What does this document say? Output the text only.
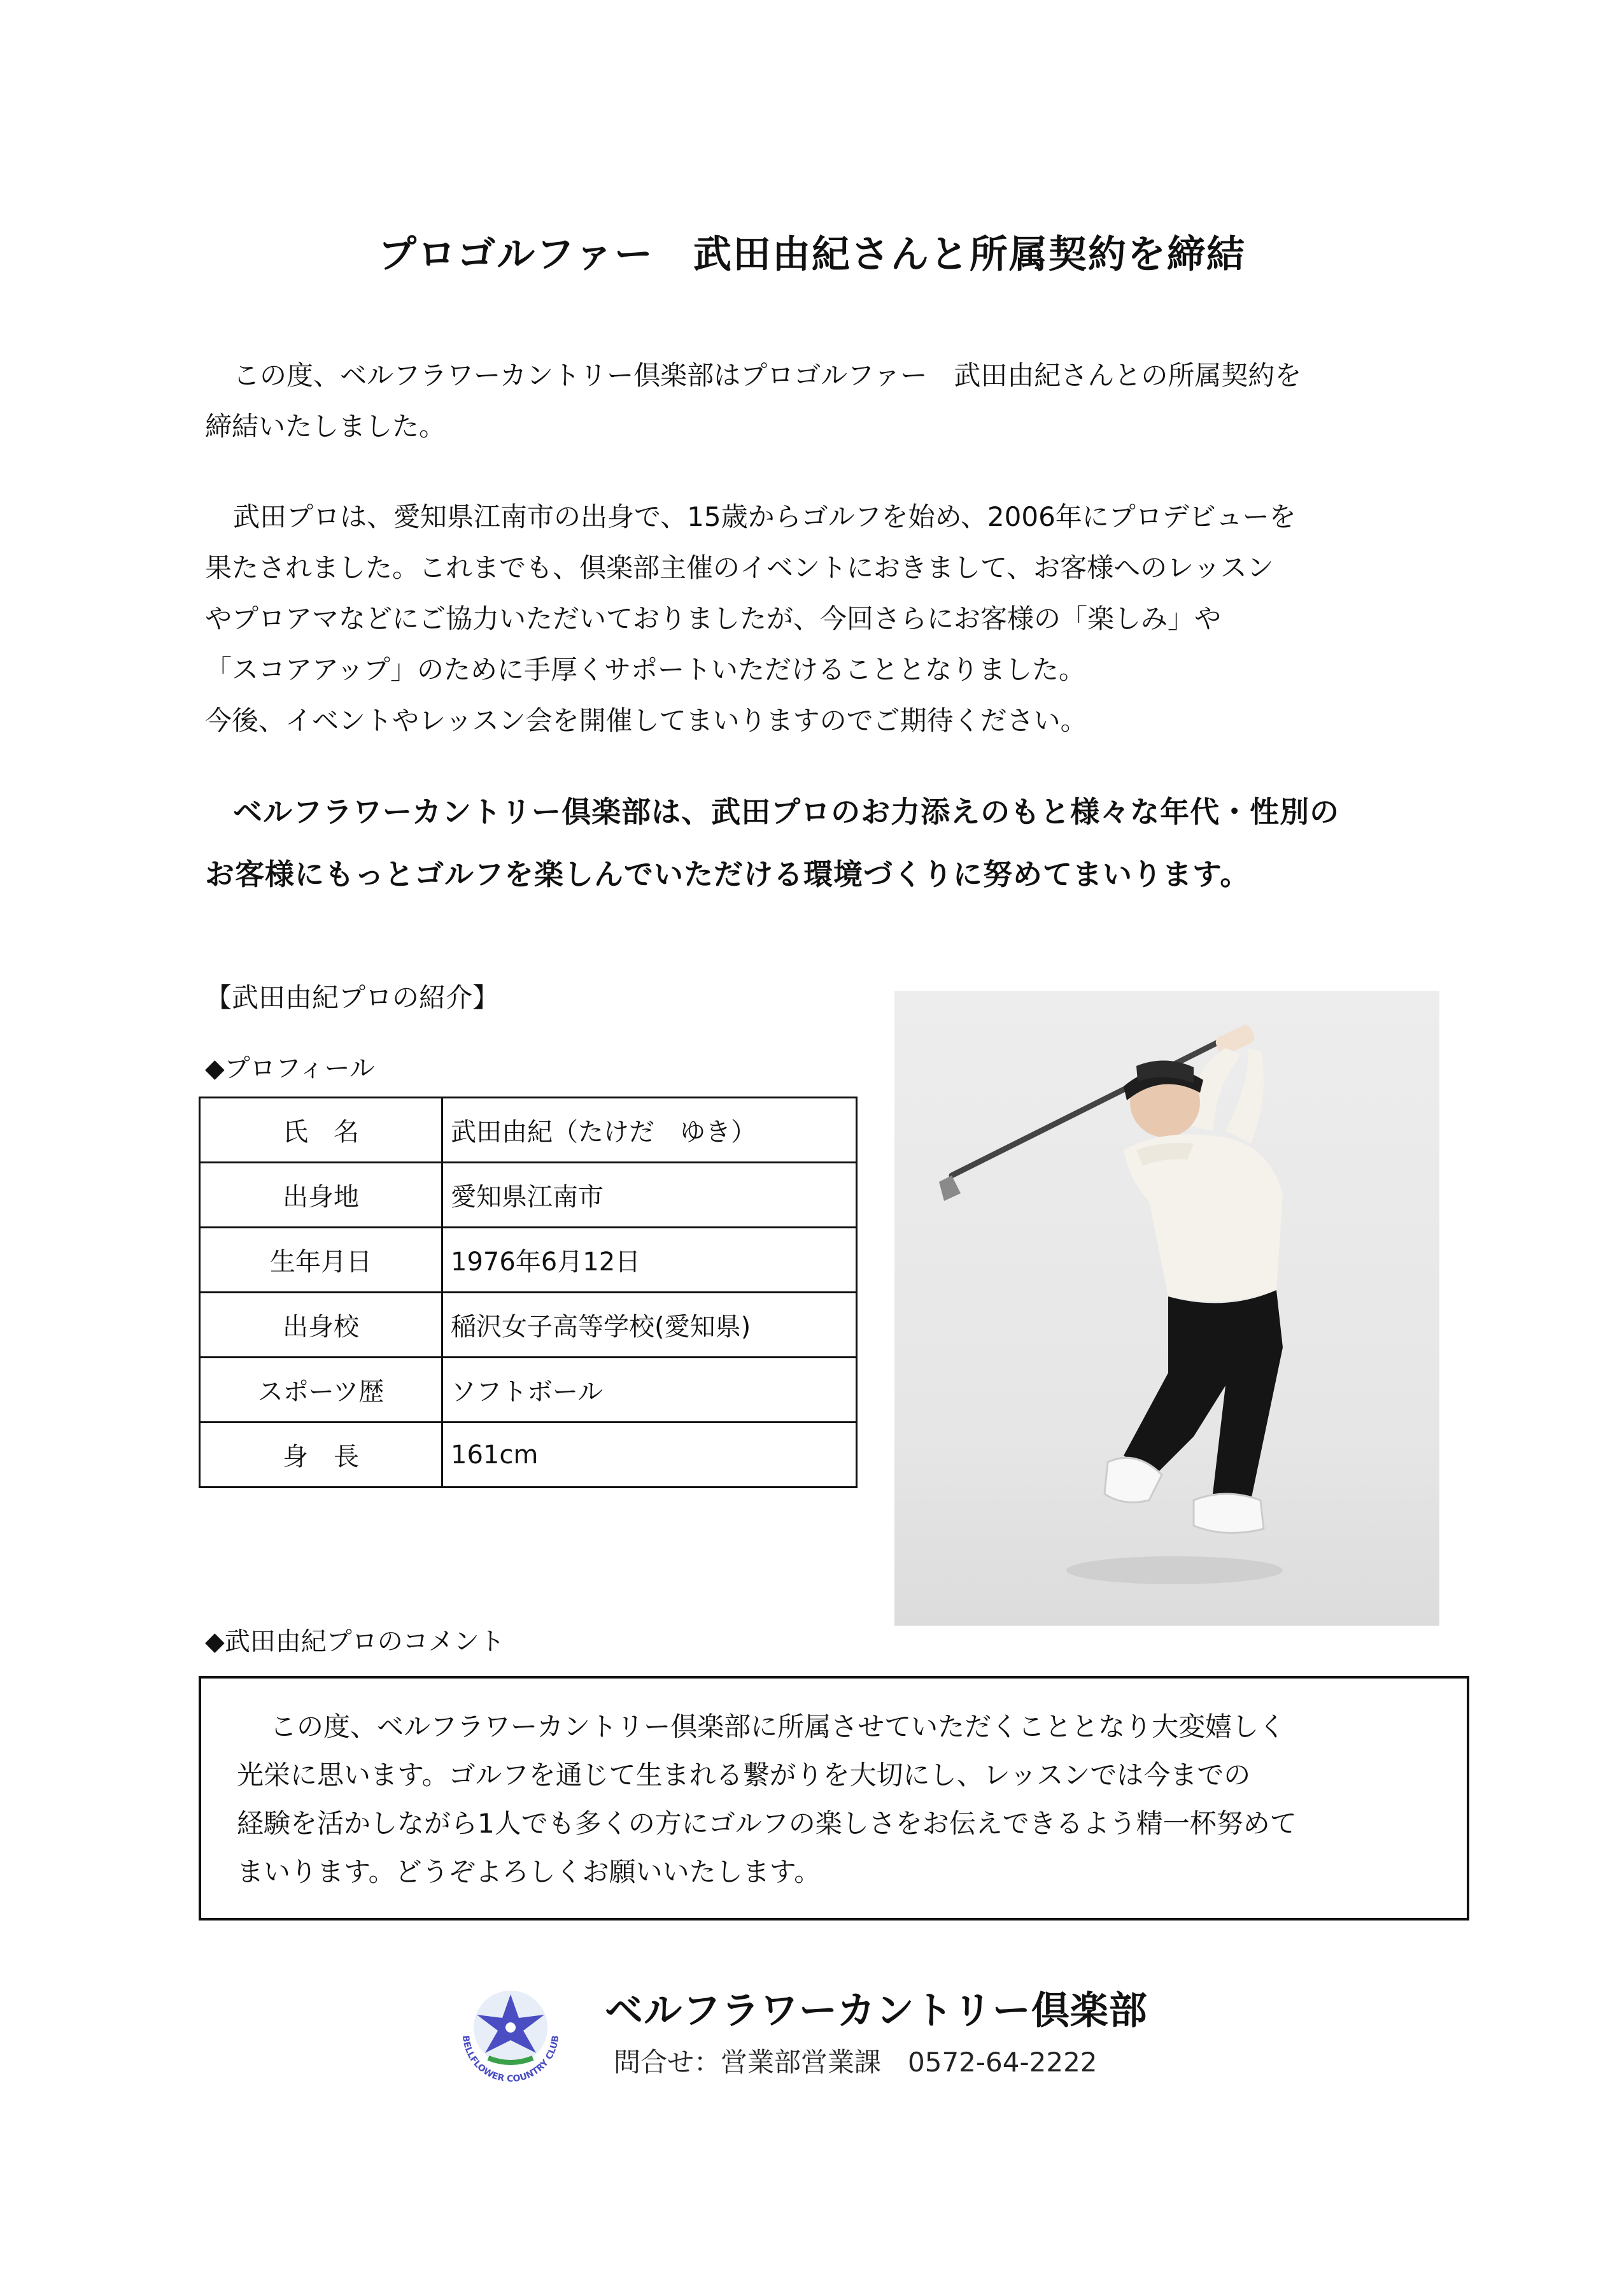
プロゴルファー　武田由紀さんと所属契約を締結

この度、ベルフラワーカントリー倶楽部はプロゴルファー　武田由紀さんとの所属契約を
締結いたしました。

武田プロは、愛知県江南市の出身で、15歳からゴルフを始め、2006年にプロデビューを
果たされました。これまでも、倶楽部主催のイベントにおきまして、お客様へのレッスン
やプロアマなどにご協力いただいておりましたが、今回さらにお客様の「楽しみ」や
「スコアアップ」のために手厚くサポートいただけることとなりました。
今後、イベントやレッスン会を開催してまいりますのでご期待ください。

ベルフラワーカントリー倶楽部は、武田プロのお力添えのもと様々な年代・性別の
お客様にもっとゴルフを楽しんでいただける環境づくりに努めてまいります。

【武田由紀プロの紹介】

◆プロフィール

氏　名	武田由紀（たけだ　ゆき）
出身地	愛知県江南市
生年月日	1976年6月12日
出身校	稲沢女子高等学校(愛知県)
スポーツ歴	ソフトボール
身　長	161cm

◆武田由紀プロのコメント

この度、ベルフラワーカントリー倶楽部に所属させていただくこととなり大変嬉しく
光栄に思います。ゴルフを通じて生まれる繋がりを大切にし、レッスンでは今までの
経験を活かしながら1人でも多くの方にゴルフの楽しさをお伝えできるよう精一杯努めて
まいります。どうぞよろしくお願いいたします。
BELLFLOWER COUNTRY CLUB

ベルフラワーカントリー倶楽部

問合せ：営業部営業課　0572-64-2222
